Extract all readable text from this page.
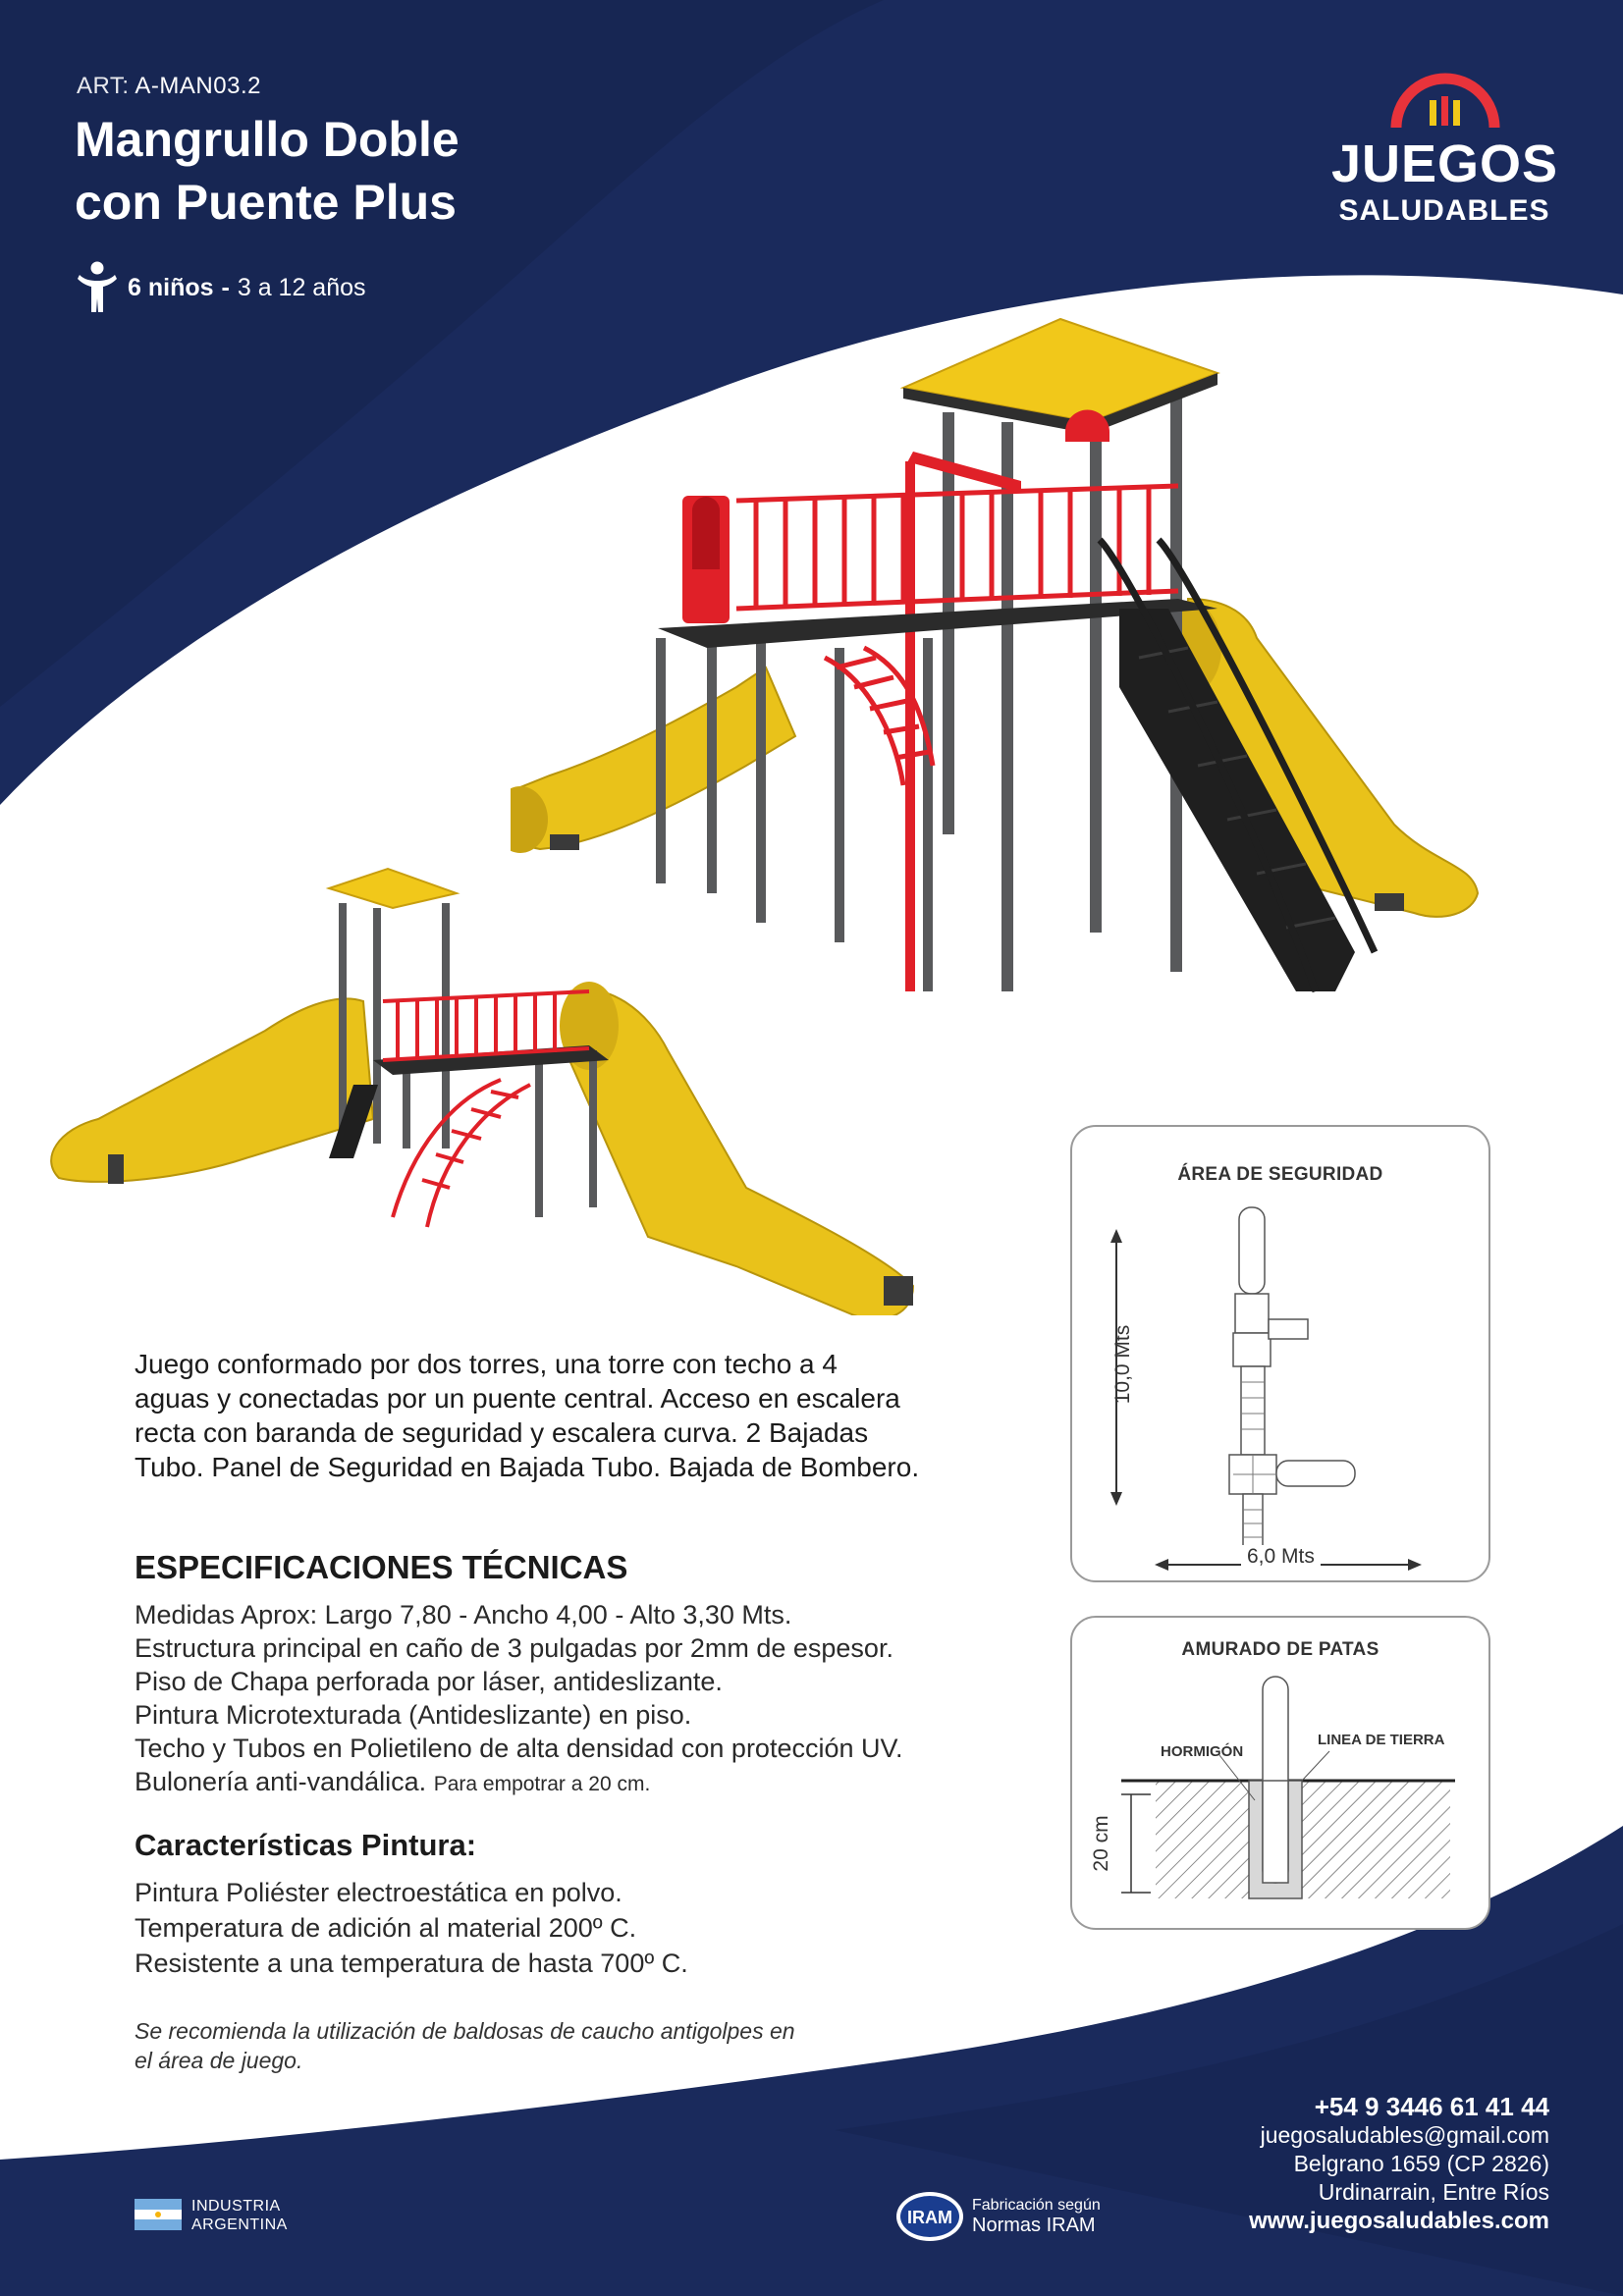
ART: A-MAN03.2
Mangrullo Doble
con Puente Plus
6 niños - 3 a 12 años
JUEGOS
SALUDABLES
Juego conformado por dos torres, una torre con techo a 4 aguas y conectadas por un puente central. Acceso en escalera recta con baranda de seguridad y escalera curva. 2 Bajadas Tubo. Panel de Seguridad en Bajada Tubo. Bajada de Bombero.
ESPECIFICACIONES TÉCNICAS
Medidas Aprox: Largo 7,80 - Ancho 4,00 - Alto 3,30 Mts.
Estructura principal en caño de 3 pulgadas por 2mm de espesor. Piso de Chapa perforada por láser, antideslizante.
Pintura Microtexturada (Antideslizante) en piso.
Techo y Tubos en Polietileno de alta densidad con protección UV. Bulonería anti-vandálica. Para empotrar a 20 cm.
Características Pintura:
Pintura Poliéster electroestática en polvo.
Temperatura de adición al material 200º C.
Resistente a una temperatura de hasta 700º C.
Se recomienda la utilización de baldosas de caucho antigolpes en el área de juego.
ÁREA DE SEGURIDAD
10,0 Mts
6,0 Mts
AMURADO DE PATAS
HORMIGÓN
LINEA DE TIERRA
20 cm
+54 9 3446 61 41 44
juegosaludables@gmail.com
Belgrano 1659 (CP 2826)
Urdinarrain, Entre Ríos
www.juegosaludables.com
INDUSTRIA
ARGENTINA	IRAM
Fabricación según
Normas IRAM
